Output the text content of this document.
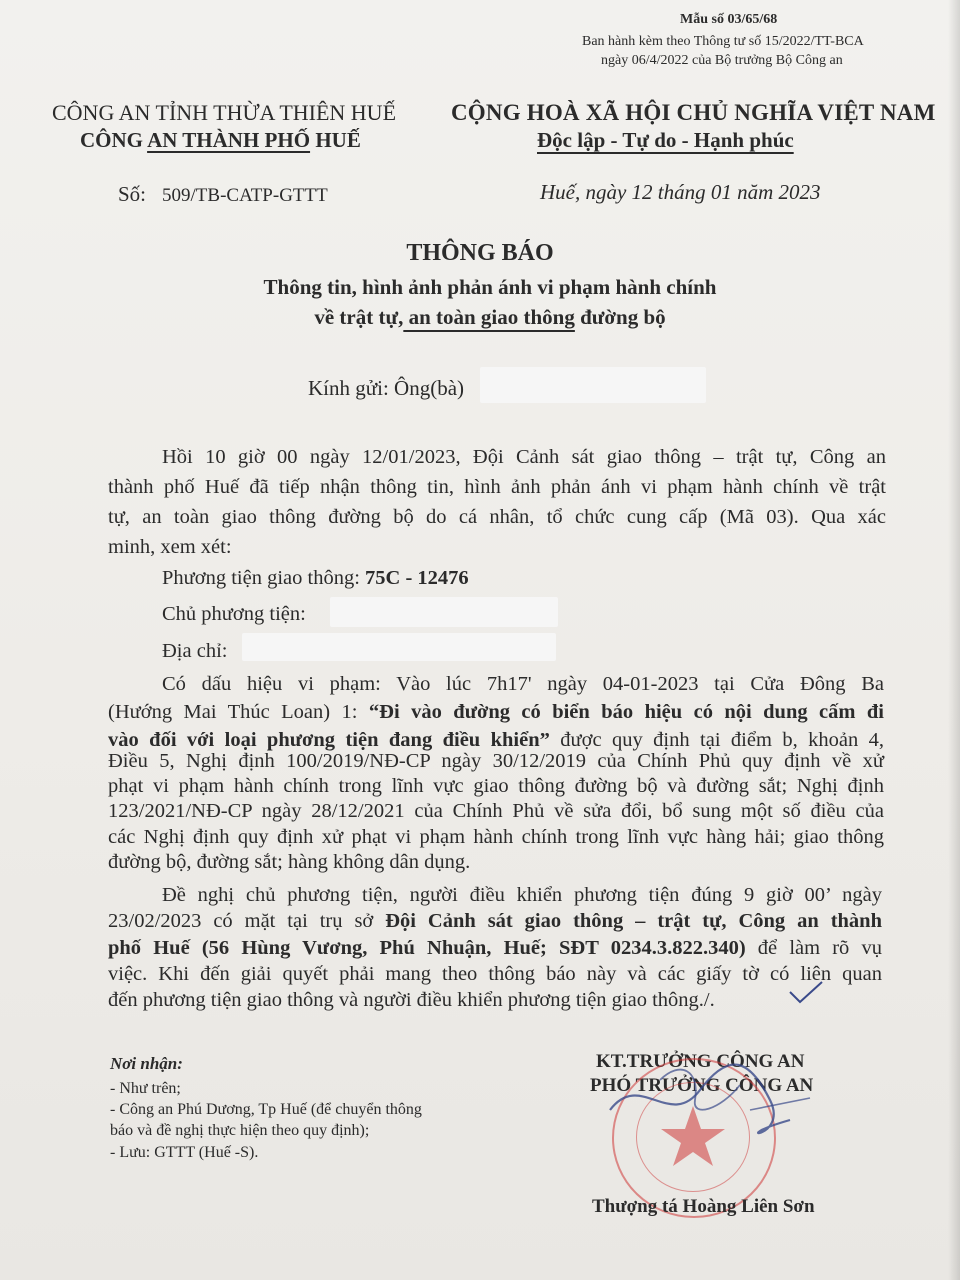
Mẫu số 03/65/68
Ban hành kèm theo Thông tư số 15/2022/TT-BCA
ngày 06/4/2022 của Bộ trưởng Bộ Công an
CÔNG AN TỈNH THỪA THIÊN HUẾ
CÔNG AN THÀNH PHỐ HUẾ
CỘNG HOÀ XÃ HỘI CHỦ NGHĨA VIỆT NAM
Độc lập - Tự do - Hạnh phúc
Số: 509/TB-CATP-GTTT	Huế, ngày 12 tháng 01 năm 2023
THÔNG BÁO
Thông tin, hình ảnh phản ánh vi phạm hành chính
về trật tự, an toàn giao thông đường bộ
Kính gửi: Ông(bà)
Hồi 10 giờ 00 ngày 12/01/2023, Đội Cảnh sát giao thông – trật tự, Công an
thành phố Huế đã tiếp nhận thông tin, hình ảnh phản ánh vi phạm hành chính về trật
tự, an toàn giao thông đường bộ do cá nhân, tổ chức cung cấp (Mã 03). Qua xác
minh, xem xét:
Phương tiện giao thông: 75C - 12476
Chủ phương tiện:
Địa chỉ:
Có dấu hiệu vi phạm: Vào lúc 7h17' ngày 04-01-2023 tại Cửa Đông Ba
(Hướng Mai Thúc Loan) 1: “Đi vào đường có biển báo hiệu có nội dung cấm đi
vào đối với loại phương tiện đang điều khiển” được quy định tại điểm b, khoản 4,
Điều 5, Nghị định 100/2019/NĐ-CP ngày 30/12/2019 của Chính Phủ quy định về xử
phạt vi phạm hành chính trong lĩnh vực giao thông đường bộ và đường sắt; Nghị định
123/2021/NĐ-CP ngày 28/12/2021 của Chính Phủ về sửa đổi, bổ sung một số điều của
các Nghị định quy định xử phạt vi phạm hành chính trong lĩnh vực hàng hải; giao thông
đường bộ, đường sắt; hàng không dân dụng.
Đề nghị chủ phương tiện, người điều khiển phương tiện đúng 9 giờ 00’ ngày
23/02/2023 có mặt tại trụ sở Đội Cảnh sát giao thông – trật tự, Công an thành
phố Huế (56 Hùng Vương, Phú Nhuận, Huế; SĐT 0234.3.822.340) để làm rõ vụ
việc. Khi đến giải quyết phải mang theo thông báo này và các giấy tờ có liên quan
đến phương tiện giao thông và người điều khiển phương tiện giao thông./.
Nơi nhận:
- Như trên;
- Công an Phú Dương, Tp Huế (để chuyển thông
báo và đề nghị thực hiện theo quy định);
- Lưu: GTTT (Huế -S).
KT.TRƯỞNG CÔNG AN
PHÓ TRƯỞNG CÔNG AN
Thượng tá Hoàng Liên Sơn
